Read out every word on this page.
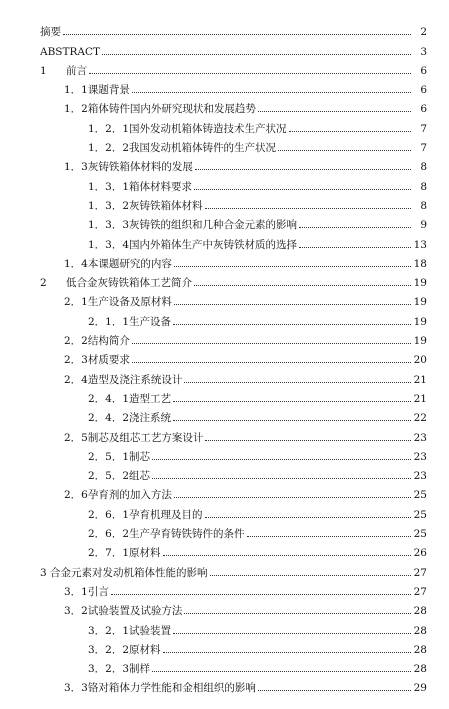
摘要	2
ABSTRACT	3
1 前言	6
1．1课题背景	6
1．2箱体铸件国内外研究现状和发展趋势	6
1．2．1国外发动机箱体铸造技术生产状况	7
1．2．2我国发动机箱体铸件的生产状况	7
1．3灰铸铁箱体材料的发展	8
1．3．1箱体材料要求	8
1．3．2灰铸铁箱体材料	8
1．3．3灰铸铁的组织和几种合金元素的影响	9
1．3．4国内外箱体生产中灰铸铁材质的选择	13
1．4本课题研究的内容	18
2 低合金灰铸铁箱体工艺简介	19
2．1生产设备及原材料	19
2．1．1生产设备	19
2．2结构简介	19
2．3材质要求	20
2．4造型及浇注系统设计	21
2．4．1造型工艺	21
2．4．2浇注系统	22
2．5制芯及组芯工艺方案设计	23
2．5．1制芯	23
2．5．2组芯	23
2．6孕育剂的加入方法	25
2．6．1孕育机理及目的	25
2．6．2生产孕育铸铁铸件的条件	25
2．7．1原材料	26
3 合金元素对发动机箱体性能的影响	27
3．1引言	27
3．2试验装置及试验方法	28
3．2．1试验装置	28
3．2．2原材料	28
3．2．3制样	28
3．3铬对箱体力学性能和金相组织的影响	29
